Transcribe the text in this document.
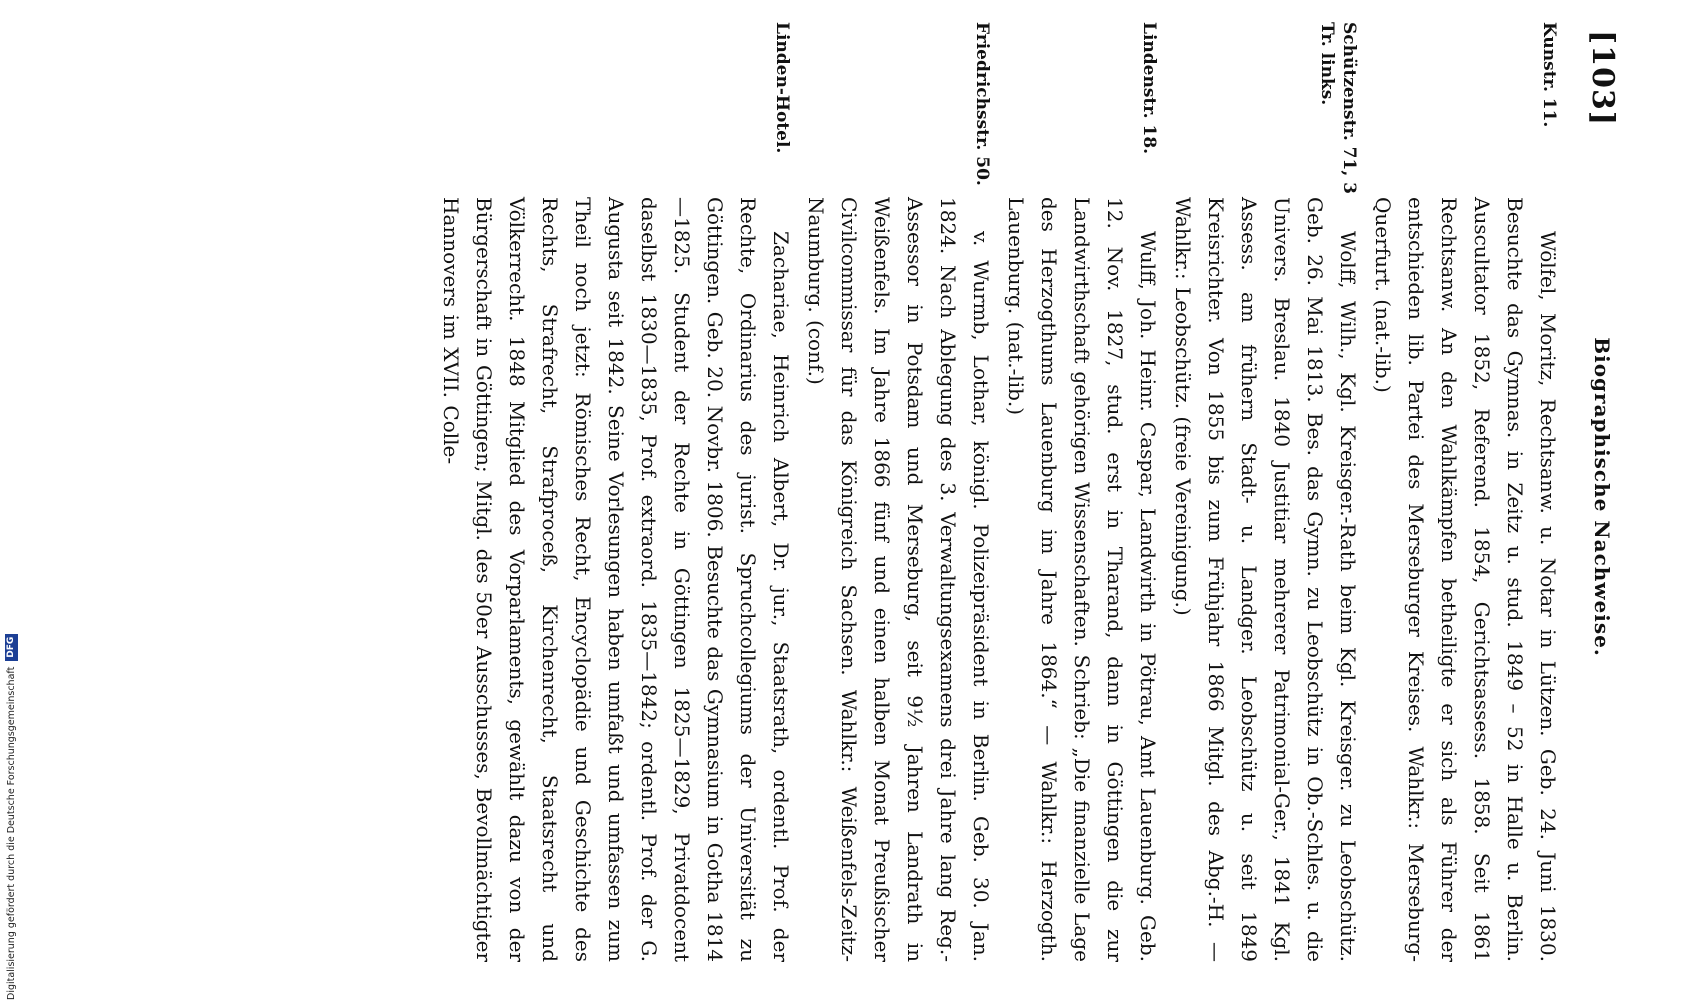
Digitalisierung gefördert durch die Deutsche Forschungsgemeinschaft
DFG
[103]
Biographische Nachweise.
Kunstr. 11.
Wölfel, Moritz, Rechtsanw. u. Notar in Lützen. Geb. 24. Juni 1830. Besuchte das Gymnas. in Zeitz u. stud. 1849 – 52 in Halle u. Berlin. Auscultator 1852, Referend. 1854, Gerichtsassess. 1858. Seit 1861 Rechtsanw. An den Wahlkämpfen betheiligte er sich als Führer der entschieden lib. Partei des Merseburger Kreises. Wahlkr.: Merseburg-Querfurt. (nat.-lib.)
Schützenstr. 71, 3 Tr. links.
Wolff, Wilh., Kgl. Kreisger.-Rath beim Kgl. Kreisger. zu Leobschütz. Geb. 26. Mai 1813. Bes. das Gymn. zu Leobschütz in Ob.-Schles. u. die Univers. Breslau. 1840 Justitiar mehrerer Patrimonial-Ger., 1841 Kgl. Assess. am frühern Stadt- u. Landger. Leobschütz u. seit 1849 Kreisrichter. Von 1855 bis zum Frühjahr 1866 Mitgl. des Abg.-H. — Wahlkr.: Leobschütz. (freie Vereinigung.)
Lindenstr. 18.
Wulff, Joh. Heinr. Caspar, Landwirth in Pötrau, Amt Lauenburg. Geb. 12. Nov. 1827, stud. erst in Tharand, dann in Göttingen die zur Landwirthschaft gehörigen Wissenschaften. Schrieb: „Die finanzielle Lage des Herzogthums Lauenburg im Jahre 1864.“ — Wahlkr.: Herzogth. Lauenburg. (nat.-lib.)
Friedrichsstr. 50.
v. Wurmb, Lothar, königl. Polizeipräsident in Berlin. Geb. 30. Jan. 1824. Nach Ablegung des 3. Verwaltungsexamens drei Jahre lang Reg.-Assessor in Potsdam und Merseburg, seit 9½ Jahren Landrath in Weißenfels. Im Jahre 1866 fünf und einen halben Monat Preußischer Civilcommissar für das Königreich Sachsen. Wahlkr.: Weißenfels-Zeitz-Naumburg. (conf.)
Linden-Hotel.
Zachariae, Heinrich Albert, Dr. jur., Staatsrath, ordentl. Prof. der Rechte, Ordinarius des jurist. Spruchcollegiums der Universität zu Göttingen. Geb. 20. Novbr. 1806. Besuchte das Gymnasium in Gotha 1814—1825. Student der Rechte in Göttingen 1825—1829, Privatdocent daselbst 1830—1835, Prof. extraord. 1835—1842; ordentl. Prof. der G. Augusta seit 1842. Seine Vorlesungen haben umfaßt und umfassen zum Theil noch jetzt: Römisches Recht, Encyclopädie und Geschichte des Rechts, Strafrecht, Strafproceß, Kirchenrecht, Staatsrecht und Völkerrecht. 1848 Mitglied des Vorparlaments, gewählt dazu von der Bürgerschaft in Göttingen; Mitgl. des 50er Ausschusses, Bevollmächtigter Hannovers im XVII. Colle-
